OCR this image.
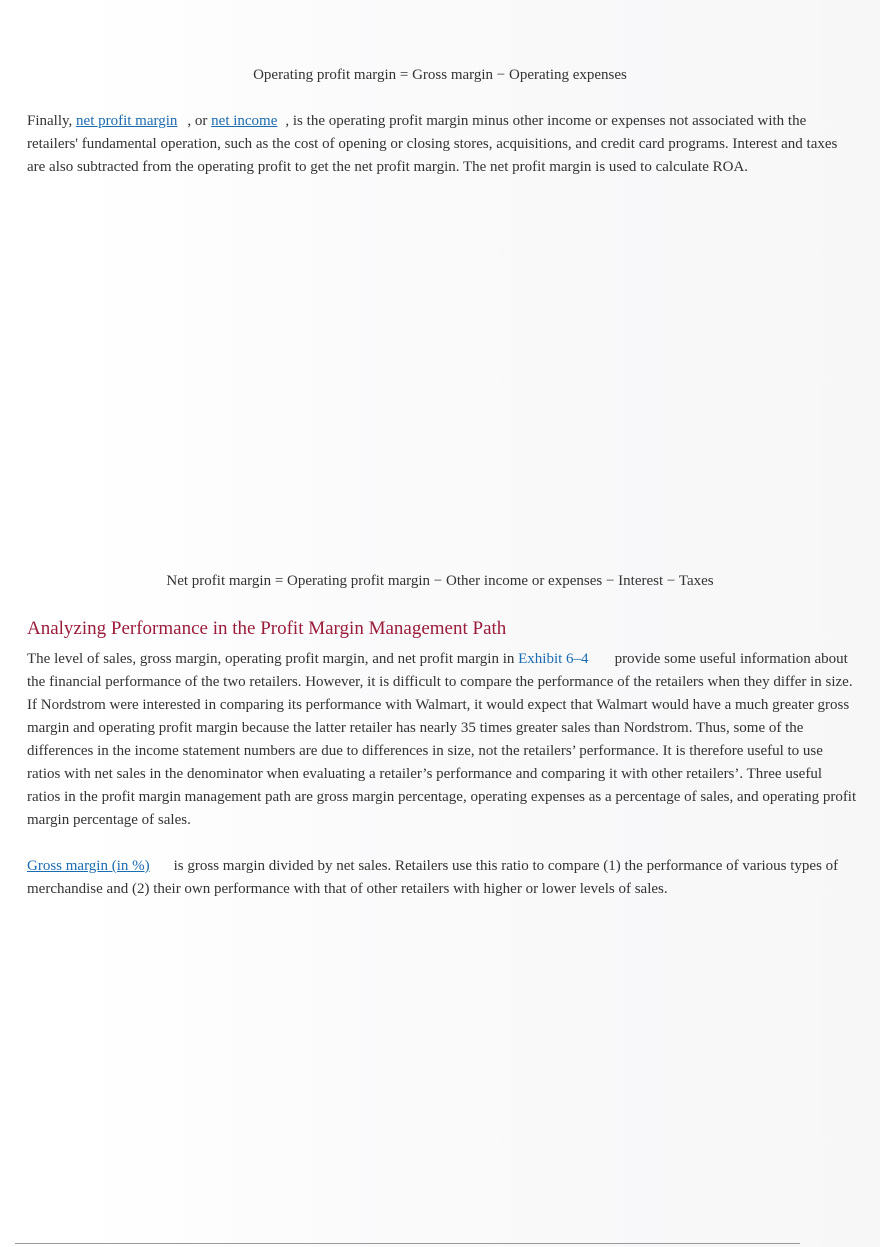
Operating profit margin = Gross margin − Operating expenses

Finally, net profit margin , or net income , is the operating profit margin minus other income or expenses not associated with the retailers' fundamental operation, such as the cost of opening or closing stores, acquisitions, and credit card programs. Interest and taxes are also subtracted from the operating profit to get the net profit margin. The net profit margin is used to calculate ROA.

Net profit margin = Operating profit margin − Other income or expenses − Interest − Taxes

Analyzing Performance in the Profit Margin Management Path

The level of sales, gross margin, operating profit margin, and net profit margin in Exhibit 6–4 provide some useful information about the financial performance of the two retailers. However, it is difficult to compare the performance of the retailers when they differ in size. If Nordstrom were interested in comparing its performance with Walmart, it would expect that Walmart would have a much greater gross margin and operating profit margin because the latter retailer has nearly 35 times greater sales than Nordstrom. Thus, some of the differences in the income statement numbers are due to differences in size, not the retailers’ performance. It is therefore useful to use ratios with net sales in the denominator when evaluating a retailer’s performance and comparing it with other retailers’. Three useful ratios in the profit margin management path are gross margin percentage, operating expenses as a percentage of sales, and operating profit margin percentage of sales.

Gross margin (in %) is gross margin divided by net sales. Retailers use this ratio to compare (1) the performance of various types of merchandise and (2) their own performance with that of other retailers with higher or lower levels of sales.
